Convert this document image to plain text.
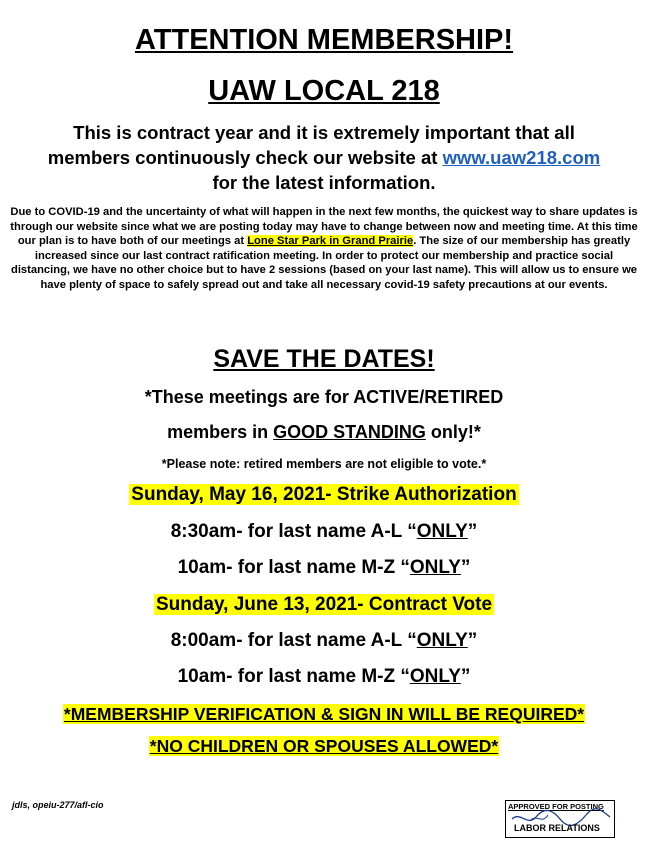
ATTENTION MEMBERSHIP!
UAW LOCAL 218
This is contract year and it is extremely important that all
members continuously check our website at www.uaw218.com
for the latest information.
Due to COVID-19 and the uncertainty of what will happen in the next few months, the quickest way to share updates is through our website since what we are posting today may have to change between now and meeting time. At this time our plan is to have both of our meetings at Lone Star Park in Grand Prairie. The size of our membership has greatly increased since our last contract ratification meeting. In order to protect our membership and practice social distancing, we have no other choice but to have 2 sessions (based on your last name). This will allow us to ensure we have plenty of space to safely spread out and take all necessary covid-19 safety precautions at our events.
SAVE THE DATES!
*These meetings are for ACTIVE/RETIRED
members in GOOD STANDING only!*
*Please note: retired members are not eligible to vote.*
Sunday, May 16, 2021- Strike Authorization
8:30am- for last name A-L “ONLY”
10am- for last name M-Z “ONLY”
Sunday, June 13, 2021- Contract Vote
8:00am- for last name A-L “ONLY”
10am- for last name M-Z “ONLY”
*MEMBERSHIP VERIFICATION & SIGN IN WILL BE REQUIRED*
*NO CHILDREN OR SPOUSES ALLOWED*
jdls, opeiu-277/afl-cio	APPROVED FOR POSTING
LABOR RELATIONS
